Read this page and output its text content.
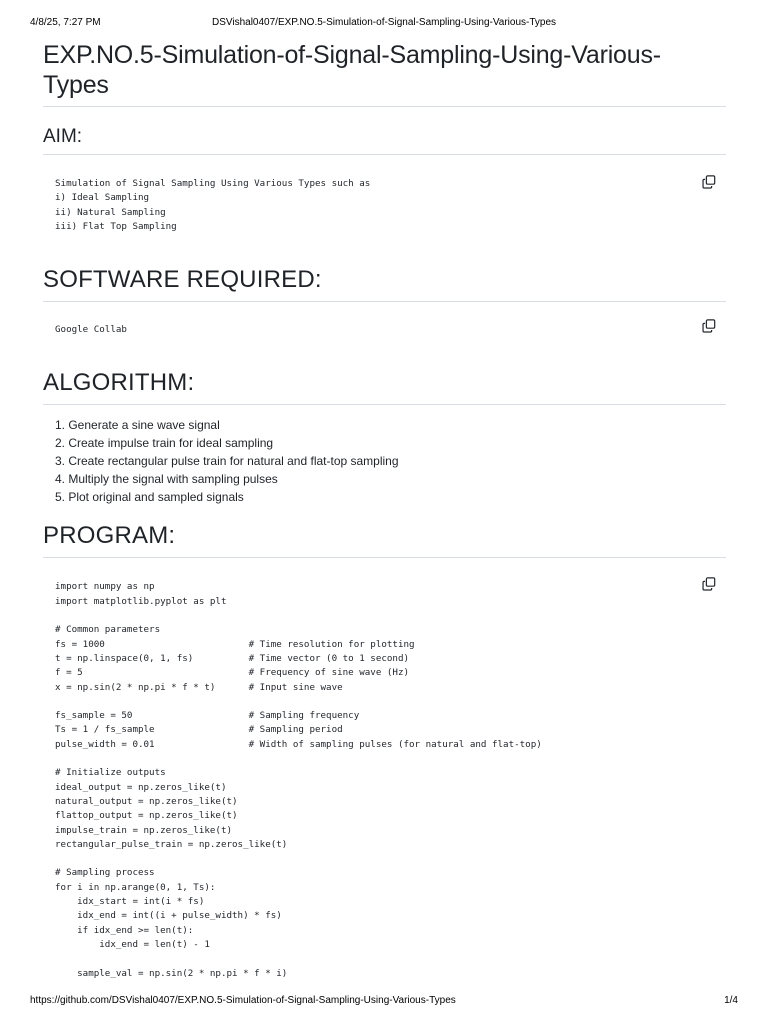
4/8/25, 7:27 PM	DSVishal0407/EXP.NO.5-Simulation-of-Signal-Sampling-Using-Various-Types
EXP.NO.5-Simulation-of-Signal-Sampling-Using-Various-
Types
AIM:
Simulation of Signal Sampling Using Various Types such as
i) Ideal Sampling
ii) Natural Sampling
iii) Flat Top Sampling
SOFTWARE REQUIRED:
Google Collab
ALGORITHM:
1. Generate a sine wave signal
2. Create impulse train for ideal sampling
3. Create rectangular pulse train for natural and flat-top sampling
4. Multiply the signal with sampling pulses
5. Plot original and sampled signals
PROGRAM:
import numpy as np
import matplotlib.pyplot as plt

# Common parameters
fs = 1000                          # Time resolution for plotting
t = np.linspace(0, 1, fs)          # Time vector (0 to 1 second)
f = 5                              # Frequency of sine wave (Hz)
x = np.sin(2 * np.pi * f * t)      # Input sine wave

fs_sample = 50                     # Sampling frequency
Ts = 1 / fs_sample                 # Sampling period
pulse_width = 0.01                 # Width of sampling pulses (for natural and flat-top)

# Initialize outputs
ideal_output = np.zeros_like(t)
natural_output = np.zeros_like(t)
flattop_output = np.zeros_like(t)
impulse_train = np.zeros_like(t)
rectangular_pulse_train = np.zeros_like(t)

# Sampling process
for i in np.arange(0, 1, Ts):
idx_start = int(i * fs)
idx_end = int((i + pulse_width) * fs)
if idx_end >= len(t):
idx_end = len(t) - 1

sample_val = np.sin(2 * np.pi * f * i)
https://github.com/DSVishal0407/EXP.NO.5-Simulation-of-Signal-Sampling-Using-Various-Types	1/4
